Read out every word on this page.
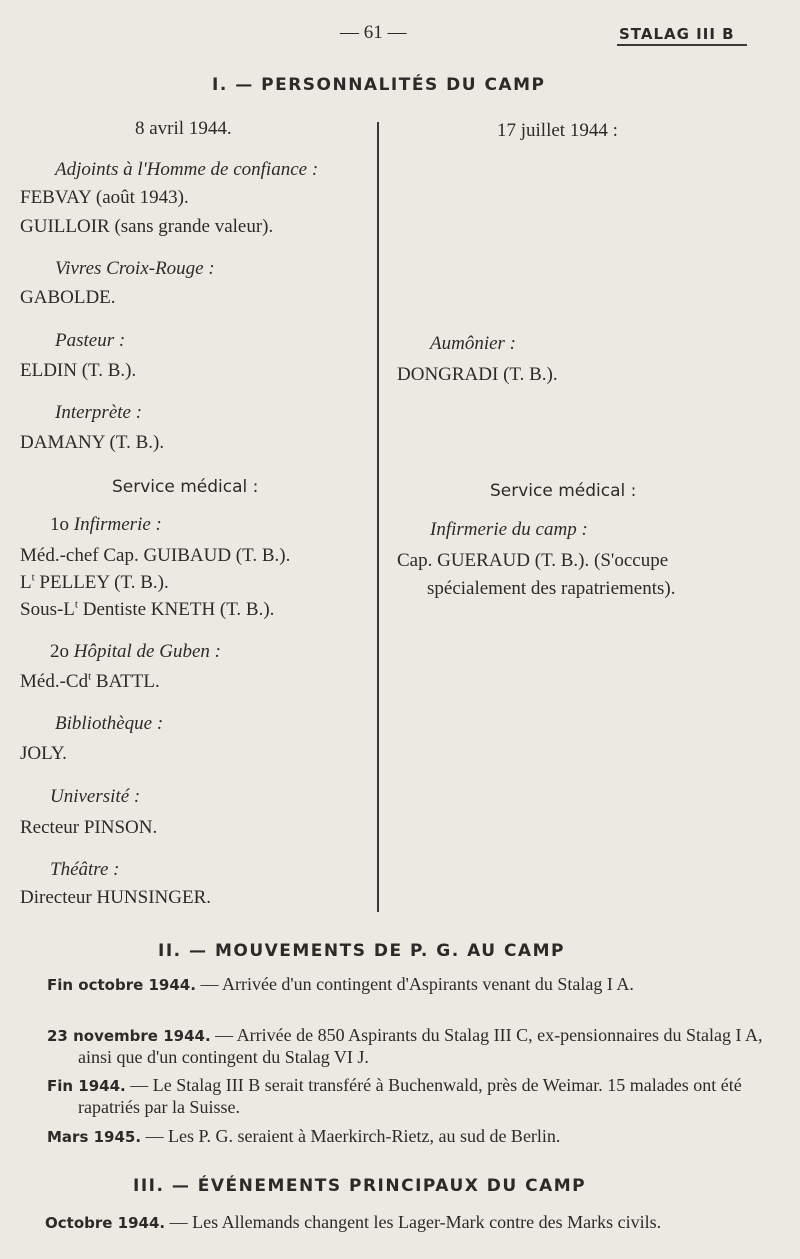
— 61 —	STALAG III B
I. — PERSONNALITÉS DU CAMP
8 avril 1944.
Adjoints à l'Homme de confiance :
FEBVAY (août 1943).
GUILLOIR (sans grande valeur).
Vivres Croix-Rouge :
GABOLDE.
Pasteur :
ELDIN (T. B.).
Interprète :
DAMANY (T. B.).
Service médical :
1o Infirmerie :
Méd.-chef Cap. GUIBAUD (T. B.).
$L^t$ PELLEY (T. B.).
Sous-$L^t$ Dentiste KNETH (T. B.).
2o Hôpital de Guben :
Méd.-Cd$^t$ BATTL.
Bibliothèque :
JOLY.
Université :
Recteur PINSON.
Théâtre :
Directeur HUNSINGER.
17 juillet 1944 :
Aumônier :
DONGRADI (T. B.).
Service médical :
Infirmerie du camp :
Cap. GUERAUD (T. B.). (S'occupe
spécialement des rapatriements).
II. — MOUVEMENTS DE P. G. AU CAMP
Fin octobre 1944. — Arrivée d'un contingent d'Aspirants venant du Stalag I A.
23 novembre 1944. — Arrivée de 850 Aspirants du Stalag III C, ex-pensionnaires du Stalag I A, ainsi que d'un contingent du Stalag VI J.
Fin 1944. — Le Stalag III B serait transféré à Buchenwald, près de Weimar. 15 malades ont été rapatriés par la Suisse.
Mars 1945. — Les P. G. seraient à Maerkirch-Rietz, au sud de Berlin.
III. — ÉVÉNEMENTS PRINCIPAUX DU CAMP
Octobre 1944. — Les Allemands changent les Lager-Mark contre des Marks civils.
